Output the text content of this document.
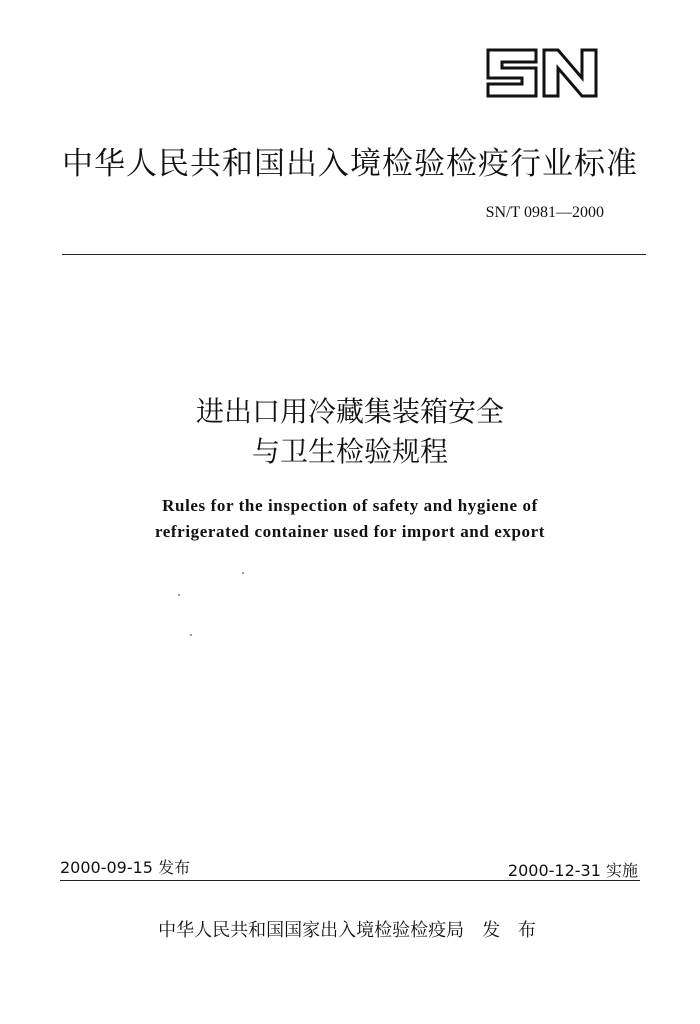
中华人民共和国出入境检验检疫行业标准
SN/T 0981—2000
进出口用冷藏集装箱安全
与卫生检验规程
Rules for the inspection of safety and hygiene of
refrigerated container used for import and export
2000-09-15 发布	2000-12-31 实施
中华人民共和国国家出入境检验检疫局 发 布
